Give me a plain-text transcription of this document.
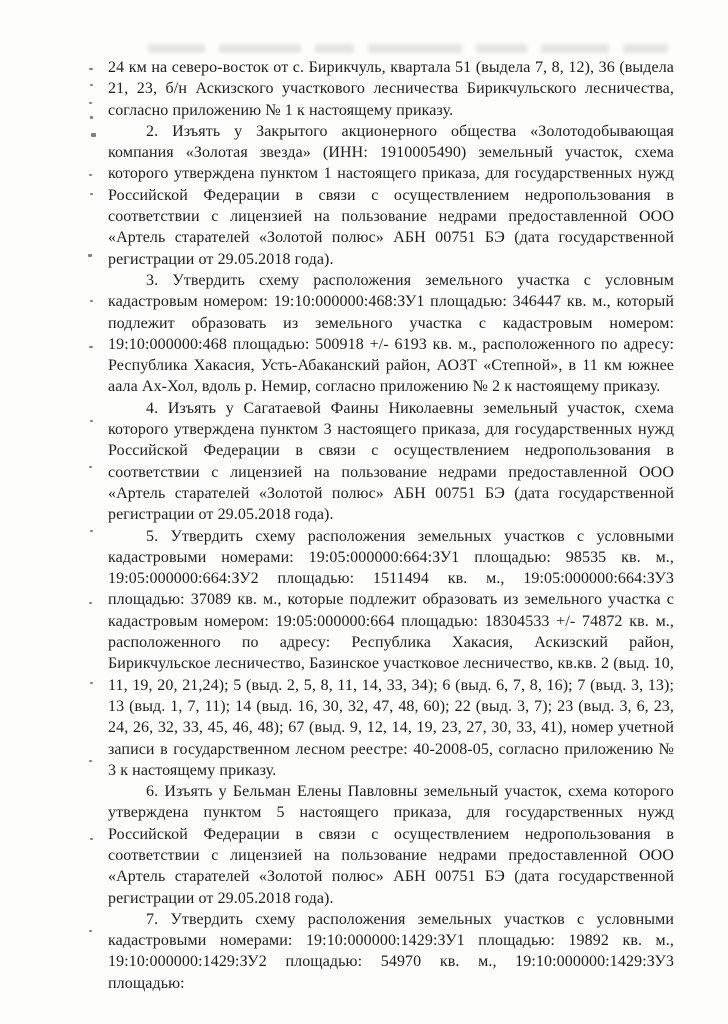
24 км на северо-восток от с. Бирикчуль, квартала 51 (выдела 7, 8, 12), 36 (выдела 21, 23, б/н Аскизского участкового лесничества Бирикчульского лесничества, согласно приложению № 1 к настоящему приказу.

2. Изъять у Закрытого акционерного общества «Золотодобывающая компания «Золотая звезда» (ИНН: 1910005490) земельный участок, схема которого утверждена пунктом 1 настоящего приказа, для государственных нужд Российской Федерации в связи с осуществлением недропользования в соответствии с лицензией на пользование недрами предоставленной ООО «Артель старателей «Золотой полюс» АБН 00751 БЭ (дата государственной регистрации от 29.05.2018 года).

3. Утвердить схему расположения земельного участка с условным кадастровым номером: 19:10:000000:468:ЗУ1 площадью: 346447 кв. м., который подлежит образовать из земельного участка с кадастровым номером: 19:10:000000:468 площадью: 500918 +/- 6193 кв. м., расположенного по адресу: Республика Хакасия, Усть-Абаканский район, АОЗТ «Степной», в 11 км южнее аала Ах-Хол, вдоль р. Немир, согласно приложению № 2 к настоящему приказу.

4. Изъять у Сагатаевой Фаины Николаевны земельный участок, схема которого утверждена пунктом 3 настоящего приказа, для государственных нужд Российской Федерации в связи с осуществлением недропользования в соответствии с лицензией на пользование недрами предоставленной ООО «Артель старателей «Золотой полюс» АБН 00751 БЭ (дата государственной регистрации от 29.05.2018 года).

5. Утвердить схему расположения земельных участков с условными кадастровыми номерами: 19:05:000000:664:ЗУ1 площадью: 98535 кв. м., 19:05:000000:664:ЗУ2 площадью: 1511494 кв. м., 19:05:000000:664:ЗУ3 площадью: 37089 кв. м., которые подлежит образовать из земельного участка с кадастровым номером: 19:05:000000:664 площадью: 18304533 +/- 74872 кв. м., расположенного по адресу: Республика Хакасия, Аскизский район, Бирикчульское лесничество, Базинское участковое лесничество, кв.кв. 2 (выд. 10, 11, 19, 20, 21,24); 5 (выд. 2, 5, 8, 11, 14, 33, 34); 6 (выд. 6, 7, 8, 16); 7 (выд. 3, 13); 13 (выд. 1, 7, 11); 14 (выд. 16, 30, 32, 47, 48, 60); 22 (выд. 3, 7); 23 (выд. 3, 6, 23, 24, 26, 32, 33, 45, 46, 48); 67 (выд. 9, 12, 14, 19, 23, 27, 30, 33, 41), номер учетной записи в государственном лесном реестре: 40-2008-05, согласно приложению № 3 к настоящему приказу.

6. Изъять у Бельман Елены Павловны земельный участок, схема которого утверждена пунктом 5 настоящего приказа, для государственных нужд Российской Федерации в связи с осуществлением недропользования в соответствии с лицензией на пользование недрами предоставленной ООО «Артель старателей «Золотой полюс» АБН 00751 БЭ (дата государственной регистрации от 29.05.2018 года).

7. Утвердить схему расположения земельных участков с условными кадастровыми номерами: 19:10:000000:1429:ЗУ1 площадью: 19892 кв. м., 19:10:000000:1429:ЗУ2 площадью: 54970 кв. м., 19:10:000000:1429:ЗУ3 площадью:
